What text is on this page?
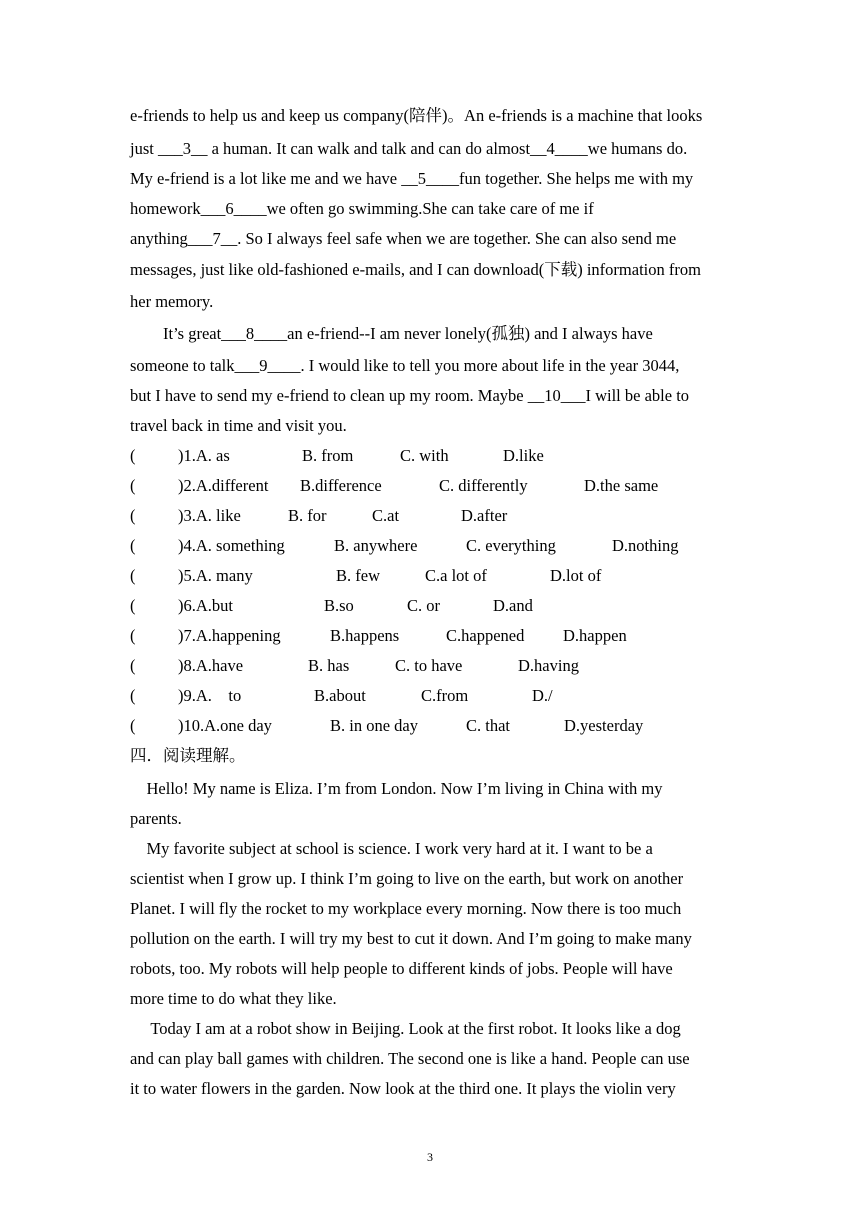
e-friends to help us and keep us company(陪伴)。An e-friends is a machine that looks
just ___3__ a human. It can walk and talk and can do almost__4____we humans do.
My e-friend is a lot like me and we have __5____fun together. She helps me with my
homework___6____we often go swimming.She can take care of me if
anything___7__. So I always feel safe when we are together. She can also send me
messages, just like old-fashioned e-mails, and I can download(下载) information from
her memory.
It’s great___8____an e-friend--I am never lonely(孤独) and I always have
someone to talk___9____. I would like to tell you more about life in the year 3044,
but I have to send my e-friend to clean up my room. Maybe __10___I will be able to
travel back in time and visit you.
(	)1.A. as	B. from	C. with	D.like
(	)2.A.different B.difference	C. differently	D.the same
(	)3.A. like	B. for	C.at	D.after
(	)4.A. something	B. anywhere	C. everything	D.nothing
(	)5.A. many	B. few	C.a lot of	D.lot of
(	)6.A.but	B.so	C. or	D.and
(	)7.A.happening	B.happens	C.happened D.happen
(	)8.A.have	B. has	C. to have	D.having
(	)9.A.    to	B.about	C.from	D./
(	)10.A.one day	B. in one day	C. that	D.yesterday
四．阅读理解。
Hello! My name is Eliza. I’m from London. Now I’m living in China with my
parents.
My favorite subject at school is science. I work very hard at it. I want to be a
scientist when I grow up. I think I’m going to live on the earth, but work on another
Planet. I will fly the rocket to my workplace every morning. Now there is too much
pollution on the earth. I will try my best to cut it down. And I’m going to make many
robots, too. My robots will help people to different kinds of jobs. People will have
more time to do what they like.
Today I am at a robot show in Beijing. Look at the first robot. It looks like a dog
and can play ball games with children. The second one is like a hand. People can use
it to water flowers in the garden. Now look at the third one. It plays the violin very
3
